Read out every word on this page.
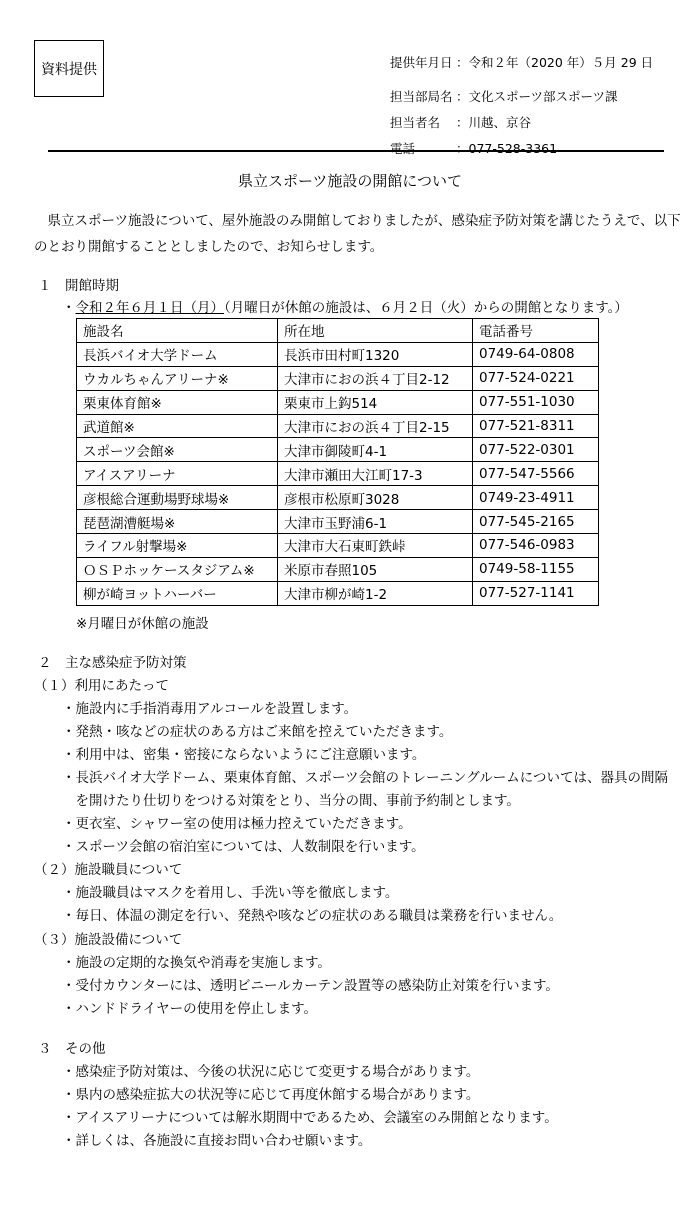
資料提供	提供年月日 ：令和２年（2020 年）５月 29 日
担当部局名 ：文化スポーツ部スポーツ課
担当者名 ：川越、京谷
電話	：077-528-3361
県立スポーツ施設の開館について
　県立スポーツ施設について、屋外施設のみ開館しておりましたが、感染症予防対策を講じたうえで、以下のとおり開館することとしましたので、お知らせします。
１　開館時期
・令和２年６月１日（月）（月曜日が休館の施設は、６月２日（火）からの開館となります。）
施設名	所在地	電話番号
長浜バイオ大学ドーム	長浜市田村町1320	0749-64-0808
ウカルちゃんアリーナ※	大津市におの浜４丁目2-12	077-524-0221
栗東体育館※	栗東市上鈎514	077-551-1030
武道館※	大津市におの浜４丁目2-15	077-521-8311
スポーツ会館※	大津市御陵町4-1	077-522-0301
アイスアリーナ	大津市瀬田大江町17-3	077-547-5566
彦根総合運動場野球場※	彦根市松原町3028	0749-23-4911
琵琶湖漕艇場※	大津市玉野浦6-1	077-545-2165
ライフル射撃場※	大津市大石東町鉄峠	077-546-0983
ＯＳＰホッケースタジアム※	米原市春照105	0749-58-1155
柳が崎ヨットハーバー	大津市柳が崎1-2	077-527-1141
※月曜日が休館の施設
２　主な感染症予防対策
（１）利用にあたって
・施設内に手指消毒用アルコールを設置します。
・発熱・咳などの症状のある方はご来館を控えていただきます。
・利用中は、密集・密接にならないようにご注意願います。
・長浜バイオ大学ドーム、栗東体育館、スポーツ会館のトレーニングルームについては、器具の間隔
　を開けたり仕切りをつける対策をとり、当分の間、事前予約制とします。
・更衣室、シャワー室の使用は極力控えていただきます。
・スポーツ会館の宿泊室については、人数制限を行います。
（２）施設職員について
・施設職員はマスクを着用し、手洗い等を徹底します。
・毎日、体温の測定を行い、発熱や咳などの症状のある職員は業務を行いません。
（３）施設設備について
・施設の定期的な換気や消毒を実施します。
・受付カウンターには、透明ビニールカーテン設置等の感染防止対策を行います。
・ハンドドライヤーの使用を停止します。
３　その他
・感染症予防対策は、今後の状況に応じて変更する場合があります。
・県内の感染症拡大の状況等に応じて再度休館する場合があります。
・アイスアリーナについては解氷期間中であるため、会議室のみ開館となります。
・詳しくは、各施設に直接お問い合わせ願います。
